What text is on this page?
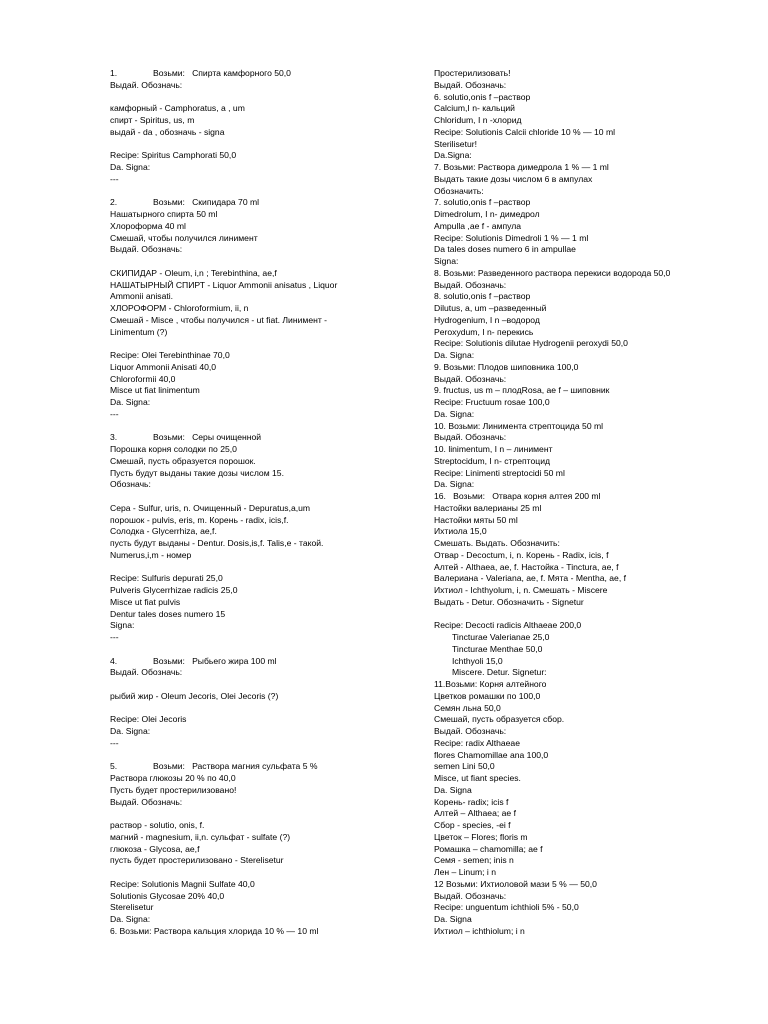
1.               Возьми:   Спирта камфорного 50,0
Выдай. Обозначь:
камфорный - Camphoratus, a , um
спирт - Spiritus, us, m
выдай - da , обозначь - signa
Recipe: Spiritus Camphorati 50,0
Da. Signa:
---
2.               Возьми:   Скипидара 70 ml
Нашатырного спирта 50 ml
Хлороформа 40 ml
Смешай, чтобы получился линимент
Выдай. Обозначь:
СКИПИДАР - Oleum, i,n ; Terebinthina, ae,f
НАШАТЫРНЫЙ СПИРТ - Liquor Ammonii anisatus , Liquor
Ammonii anisati.
ХЛОРОФОРМ - Chloroformium, ii, n
Смешай - Misce , чтобы получился - ut fiat. Линимент -
Linimentum (?)
Recipe: Olei Terebinthinae 70,0
Liquor Ammonii Anisati 40,0
Chloroformii 40,0
Misce ut fiat linimentum
Da. Signa:
---
3.               Возьми:   Серы очищенной
Порошка корня солодки по 25,0
Смешай, пусть образуется порошок.
Пусть будут выданы такие дозы числом 15.
Обозначь:
Сера - Sulfur, uris, n. Очищенный - Depuratus,a,um
порошок - pulvis, eris, m. Корень - radix, icis,f.
Солодка - Glycerrhiza, ae,f.
пусть будут выданы - Dentur. Dosis,is,f. Talis,e - такой.
Numerus,i,m - номер
Recipe: Sulfuris depurati 25,0
Pulveris Glycerrhizae radicis 25,0
Misce ut fiat pulvis
Dentur tales doses numero 15
Signa:
---
4.               Возьми:   Рыбьего жира 100 ml
Выдай. Обозначь:
рыбий жир - Oleum Jecoris, Olei Jecoris (?)
Recipe: Olei Jecoris
Da. Signa:
---
5.               Возьми:   Раствора магния сульфата 5 %
Раствора глюкозы 20 % по 40,0
Пусть будет простерилизовано!
Выдай. Обозначь:
раствор - solutio, onis, f.
магний - magnesium, ii,n. сульфат - sulfate (?)
глюкоза - Glycosa, ae,f
пусть будет простерилизовано - Sterelisetur
Recipe: Solutionis Magnii Sulfate 40,0
Solutionis Glycosae 20% 40,0
Sterelisetur
Da. Signa:
6. Возьми: Раствора кальция хлорида 10 % — 10 ml
Простерилизовать!
Выдай. Обозначь:
6. solutio,onis f –раствор
Calcium,I n- кальций
Chloridum, I n -хлорид
Recipe: Solutionis Calcii chloride 10 % — 10 ml
Sterilisetur!
Da.Signa:
7. Возьми: Раствора димедрола 1 % — 1 ml
Выдать такие дозы числом 6 в ампулах
Обозначить:
7. solutio,onis f –раствор
Dimedrolum, I n- димедрол
Ampulla ,ae f - ампула
Recipe: Solutionis Dimedroli 1 % — 1 ml
Da tales doses numero 6 in ampullae
Signa:
8. Возьми: Разведенного раствора перекиси водорода 50,0
Выдай. Обозначь:
8. solutio,onis f –раствор
Dilutus, a, um –разведенный
Hydrogenium, I n –водород
Peroxydum, I n- перекись
Recipe: Solutionis dilutae Hydrogenii peroxydi 50,0
Da. Signa:
9. Возьми: Плодов шиповника 100,0
Выдай. Обозначь:
9. fructus, us m – плодRosa, ae f – шиповник
Recipe: Fructuum rosae 100,0
Da. Signa:
10. Возьми: Линимента стрептоцида 50 ml
Выдай. Обозначь:
10. linimentum, I n – линимент
Streptocidum, I n- стрептоцид
Recipe: Linimenti streptocidi 50 ml
Da. Signa:
16.   Возьми:   Отвара корня алтея 200 ml
Настойки валерианы 25 ml
Настойки мяты 50 ml
Ихтиола 15,0
Смешать. Выдать. Обозначить:
Отвар - Decoctum, i, n. Корень - Radix, icis, f
Алтей - Althaea, ae, f. Настойка - Tinctura, ae, f
Валериана - Valeriana, ae, f. Мята - Mentha, ae, f
Ихтиол - Ichthyolum, i, n. Смешать - Miscere
Выдать - Detur. Обозначить - Signetur
Recipe: Decocti radicis Althaeae 200,0
Tincturae Valerianae 25,0
Tincturae Menthae 50,0
Ichthyoli 15,0
Miscere. Detur. Signetur:
11.Возьми: Корня алтейного
Цветков ромашки по 100,0
Семян льна 50,0
Смешай, пусть образуется сбор.
Выдай. Обозначь:
Recipe: radix Althaeae
flores Chamomillae ana 100,0
semen Lini 50,0
Misce, ut fiant species.
Da. Signa
Корень- radix; icis f
Алтей – Althaea; ae f
Сбор - species, -ei f
Цветок – Flores; floris m
Ромашка – chamomilla; ae f
Семя - semen; inis n
Лен – Linum; i n
12 Возьми: Ихтиоловой мази 5 % — 50,0
Выдай. Обозначь:
Recipe: unguentum ichthioli 5% - 50,0
Da. Signa
Ихтиол – ichthiolum; i n
